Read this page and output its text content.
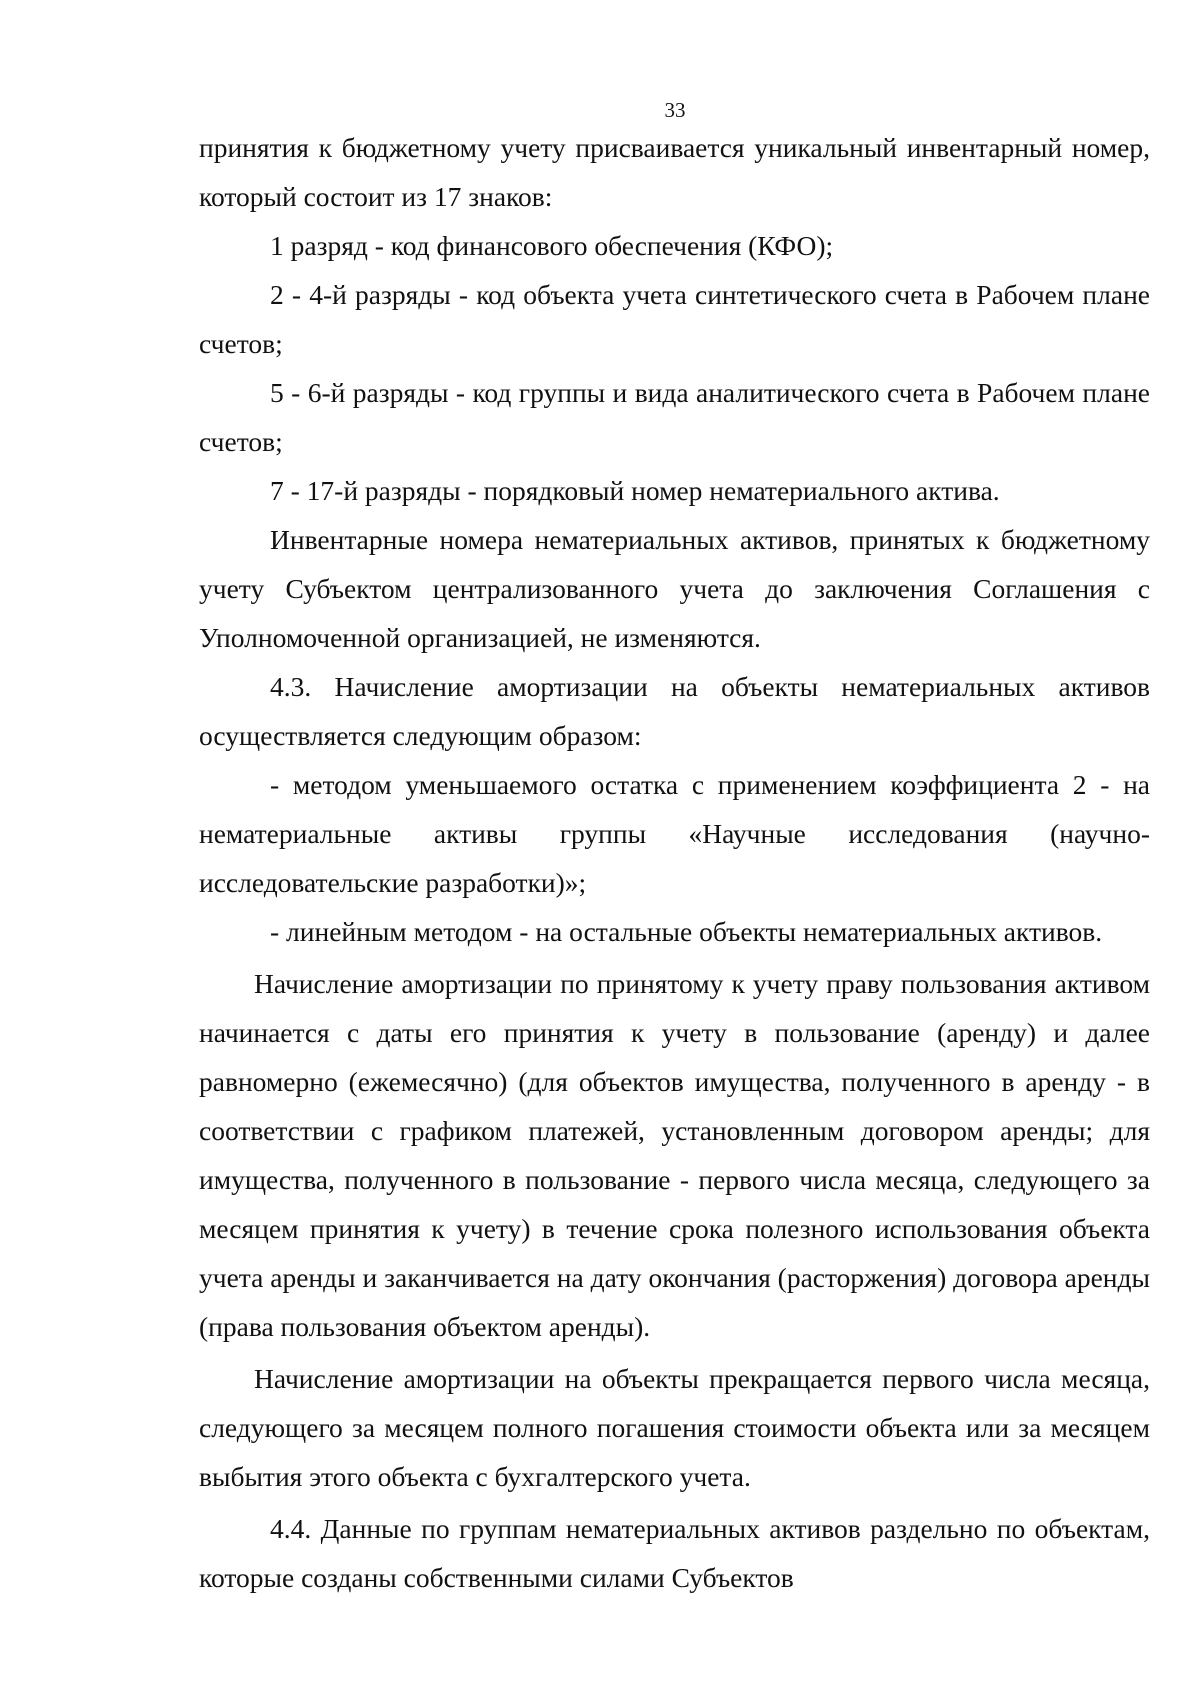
33

принятия к бюджетному учету присваивается уникальный инвентарный номер, который состоит из 17 знаков:

1 разряд - код финансового обеспечения (КФО);

2 - 4-й разряды - код объекта учета синтетического счета в Рабочем плане счетов;

5 - 6-й разряды - код группы и вида аналитического счета в Рабочем плане счетов;

7 - 17-й разряды - порядковый номер нематериального актива.

Инвентарные номера нематериальных активов, принятых к бюджетному учету Субъектом централизованного учета до заключения Соглашения с Уполномоченной организацией, не изменяются.

4.3. Начисление амортизации на объекты нематериальных активов осуществляется следующим образом:

- методом уменьшаемого остатка с применением коэффициента 2 - на нематериальные активы группы «Научные исследования (научно-исследовательские разработки)»;

- линейным методом - на остальные объекты нематериальных активов.

Начисление амортизации по принятому к учету праву пользования активом начинается с даты его принятия к учету в пользование (аренду) и далее равномерно (ежемесячно) (для объектов имущества, полученного в аренду - в соответствии с графиком платежей, установленным договором аренды; для имущества, полученного в пользование - первого числа месяца, следующего за месяцем принятия к учету) в течение срока полезного использования объекта учета аренды и заканчивается на дату окончания (расторжения) договора аренды (права пользования объектом аренды).

Начисление амортизации на объекты прекращается первого числа месяца, следующего за месяцем полного погашения стоимости объекта или за месяцем выбытия этого объекта с бухгалтерского учета.

4.4. Данные по группам нематериальных активов раздельно по объектам, которые созданы собственными силами Субъектов
